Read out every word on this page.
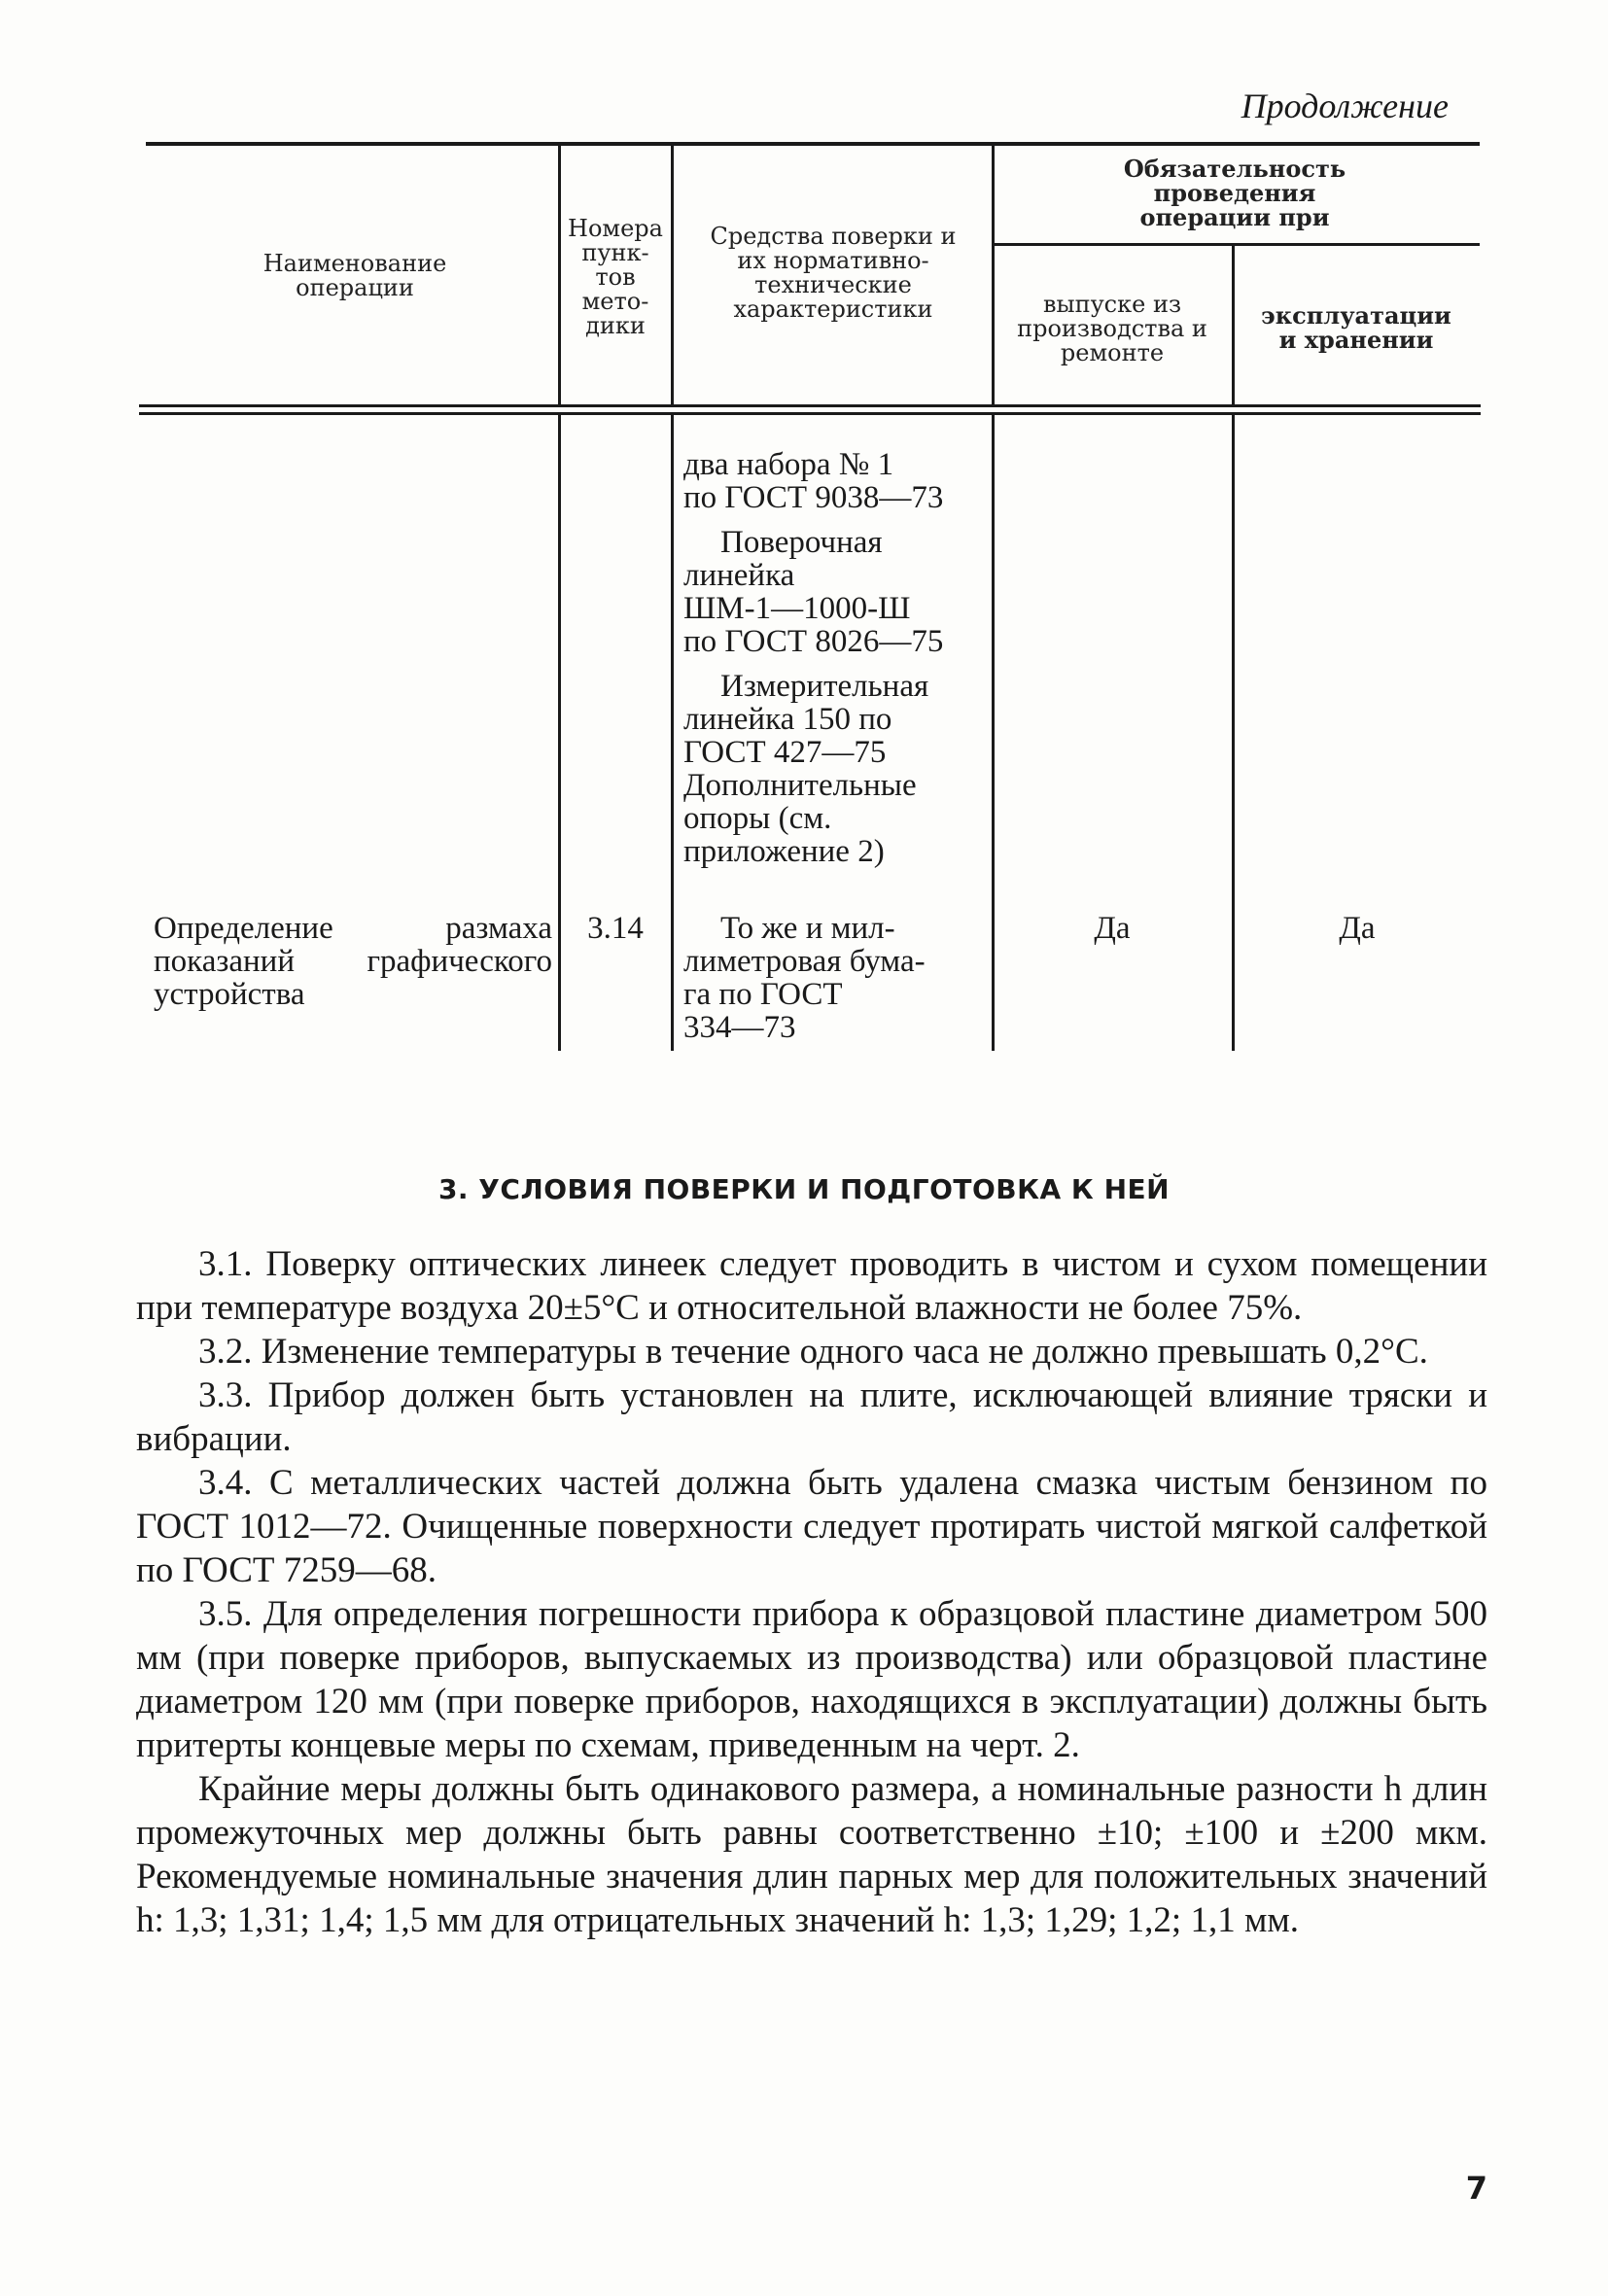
Продолжение
Наименование операции
Номера пунк- тов мето- дики
Средства поверки и их нормативно- технические характеристики
Обязательность проведения операции при
выпуске из производства и ремонте
эксплуатации и хранении
два набора № 1
по ГОСТ 9038—73
Поверочная
линейка
ШМ-1—1000-Ш
по ГОСТ 8026—75
Измерительная
линейка 150 по
ГОСТ 427—75
Дополнительные
опоры (см.
приложение 2)
Определение размаха показаний графического устройства
3.14	То же и мил-
лиметровая бума-
га по ГОСТ
334—73
Да	Да
3. УСЛОВИЯ ПОВЕРКИ И ПОДГОТОВКА К НЕЙ

3.1. Поверку оптических линеек следует проводить в чистом и сухом помещении при температуре воздуха 20±5°С и относительной влажности не более 75%.

3.2. Изменение температуры в течение одного часа не должно превышать 0,2°С.

3.3. Прибор должен быть установлен на плите, исключающей влияние тряски и вибрации.

3.4. С металлических частей должна быть удалена смазка чистым бензином по ГОСТ 1012—72. Очищенные поверхности следует протирать чистой мягкой салфеткой по ГОСТ 7259—68.

3.5. Для определения погрешности прибора к образцовой пластине диаметром 500 мм (при поверке приборов, выпускаемых из производства) или образцовой пластине диаметром 120 мм (при поверке приборов, находящихся в эксплуатации) должны быть притерты концевые меры по схемам, приведенным на черт. 2.

Крайние меры должны быть одинакового размера, а номинальные разности h длин промежуточных мер должны быть равны соответственно ±10; ±100 и ±200 мкм. Рекомендуемые номинальные значения длин парных мер для положительных значений h: 1,3; 1,31; 1,4; 1,5 мм для отрицательных значений h: 1,3; 1,29; 1,2; 1,1 мм.

7
